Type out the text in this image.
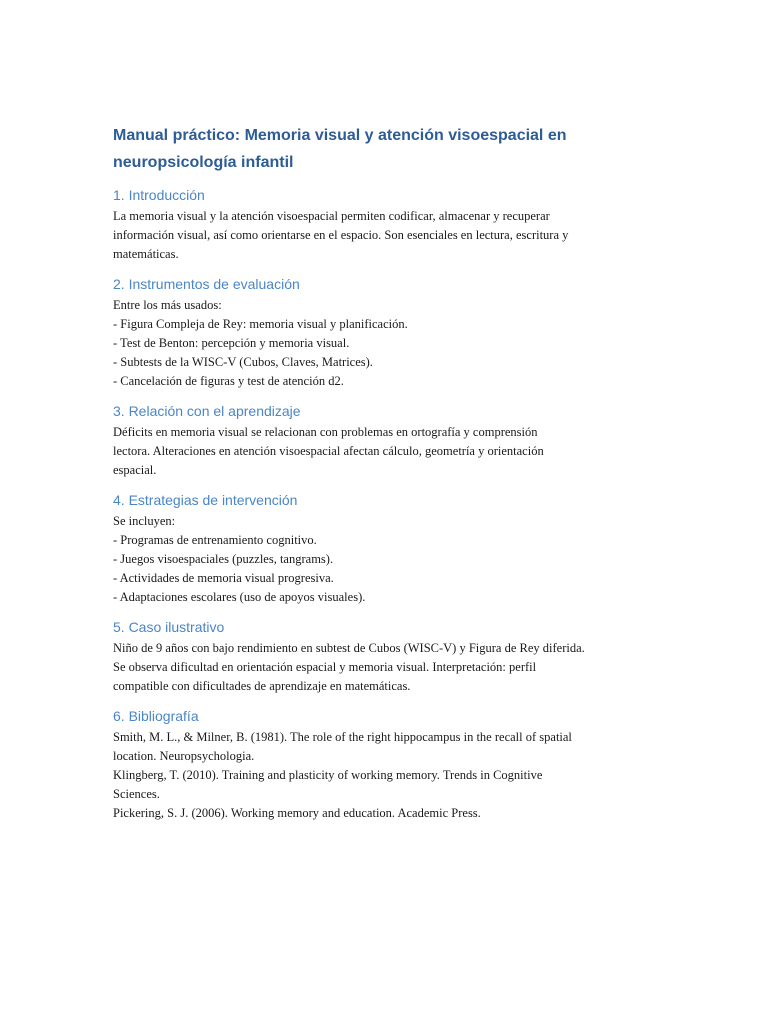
Manual práctico: Memoria visual y atención visoespacial en
neuropsicología infantil
1. Introducción

La memoria visual y la atención visoespacial permiten codificar, almacenar y recuperar

información visual, así como orientarse en el espacio. Son esenciales en lectura, escritura y

matemáticas.

2. Instrumentos de evaluación

Entre los más usados:

- Figura Compleja de Rey: memoria visual y planificación.

- Test de Benton: percepción y memoria visual.

- Subtests de la WISC-V (Cubos, Claves, Matrices).

- Cancelación de figuras y test de atención d2.

3. Relación con el aprendizaje

Déficits en memoria visual se relacionan con problemas en ortografía y comprensión

lectora. Alteraciones en atención visoespacial afectan cálculo, geometría y orientación

espacial.

4. Estrategias de intervención

Se incluyen:

- Programas de entrenamiento cognitivo.

- Juegos visoespaciales (puzzles, tangrams).

- Actividades de memoria visual progresiva.

- Adaptaciones escolares (uso de apoyos visuales).

5. Caso ilustrativo

Niño de 9 años con bajo rendimiento en subtest de Cubos (WISC-V) y Figura de Rey diferida.

Se observa dificultad en orientación espacial y memoria visual. Interpretación: perfil

compatible con dificultades de aprendizaje en matemáticas.

6. Bibliografía

Smith, M. L., & Milner, B. (1981). The role of the right hippocampus in the recall of spatial

location. Neuropsychologia.

Klingberg, T. (2010). Training and plasticity of working memory. Trends in Cognitive

Sciences.

Pickering, S. J. (2006). Working memory and education. Academic Press.
